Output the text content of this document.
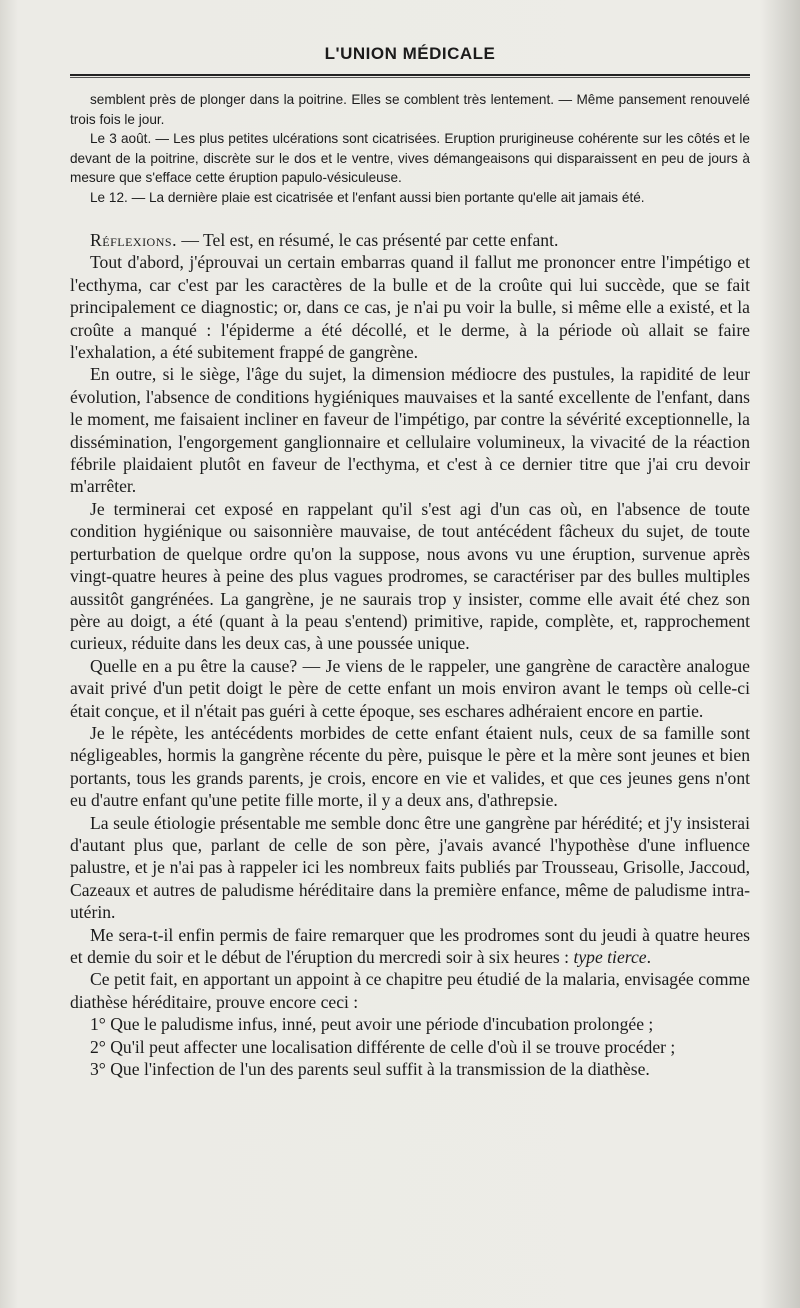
L'UNION MÉDICALE

semblent près de plonger dans la poitrine. Elles se comblent très lentement. — Même pansement renouvelé trois fois le jour.

Le 3 août. — Les plus petites ulcérations sont cicatrisées. Eruption prurigineuse cohérente sur les côtés et le devant de la poitrine, discrète sur le dos et le ventre, vives démangeaisons qui disparaissent en peu de jours à mesure que s'efface cette éruption papulo-vésiculeuse.

Le 12. — La dernière plaie est cicatrisée et l'enfant aussi bien portante qu'elle ait jamais été.

Réflexions. — Tel est, en résumé, le cas présenté par cette enfant.

Tout d'abord, j'éprouvai un certain embarras quand il fallut me prononcer entre l'impétigo et l'ecthyma, car c'est par les caractères de la bulle et de la croûte qui lui succède, que se fait principalement ce diagnostic; or, dans ce cas, je n'ai pu voir la bulle, si même elle a existé, et la croûte a manqué : l'épiderme a été décollé, et le derme, à la période où allait se faire l'exhalation, a été subitement frappé de gangrène.

En outre, si le siège, l'âge du sujet, la dimension médiocre des pustules, la rapidité de leur évolution, l'absence de conditions hygiéniques mauvaises et la santé excellente de l'enfant, dans le moment, me faisaient incliner en faveur de l'impétigo, par contre la sévérité exceptionnelle, la dissémination, l'engorgement ganglionnaire et cellulaire volumineux, la vivacité de la réaction fébrile plaidaient plutôt en faveur de l'ecthyma, et c'est à ce dernier titre que j'ai cru devoir m'arrêter.

Je terminerai cet exposé en rappelant qu'il s'est agi d'un cas où, en l'absence de toute condition hygiénique ou saisonnière mauvaise, de tout antécédent fâcheux du sujet, de toute perturbation de quelque ordre qu'on la suppose, nous avons vu une éruption, survenue après vingt-quatre heures à peine des plus vagues prodromes, se caractériser par des bulles multiples aussitôt gangrénées. La gangrène, je ne saurais trop y insister, comme elle avait été chez son père au doigt, a été (quant à la peau s'entend) primitive, rapide, complète, et, rapprochement curieux, réduite dans les deux cas, à une poussée unique.

Quelle en a pu être la cause? — Je viens de le rappeler, une gangrène de caractère analogue avait privé d'un petit doigt le père de cette enfant un mois environ avant le temps où celle-ci était conçue, et il n'était pas guéri à cette époque, ses eschares adhéraient encore en partie.

Je le répète, les antécédents morbides de cette enfant étaient nuls, ceux de sa famille sont négligeables, hormis la gangrène récente du père, puisque le père et la mère sont jeunes et bien portants, tous les grands parents, je crois, encore en vie et valides, et que ces jeunes gens n'ont eu d'autre enfant qu'une petite fille morte, il y a deux ans, d'athrepsie.

La seule étiologie présentable me semble donc être une gangrène par hérédité; et j'y insisterai d'autant plus que, parlant de celle de son père, j'avais avancé l'hypothèse d'une influence palustre, et je n'ai pas à rappeler ici les nombreux faits publiés par Trousseau, Grisolle, Jaccoud, Cazeaux et autres de paludisme héréditaire dans la première enfance, même de paludisme intra-utérin.

Me sera-t-il enfin permis de faire remarquer que les prodromes sont du jeudi à quatre heures et demie du soir et le début de l'éruption du mercredi soir à six heures : type tierce.

Ce petit fait, en apportant un appoint à ce chapitre peu étudié de la malaria, envisagée comme diathèse héréditaire, prouve encore ceci :

1° Que le paludisme infus, inné, peut avoir une période d'incubation prolongée ;

2° Qu'il peut affecter une localisation différente de celle d'où il se trouve procéder ;

3° Que l'infection de l'un des parents seul suffit à la transmission de la diathèse.
